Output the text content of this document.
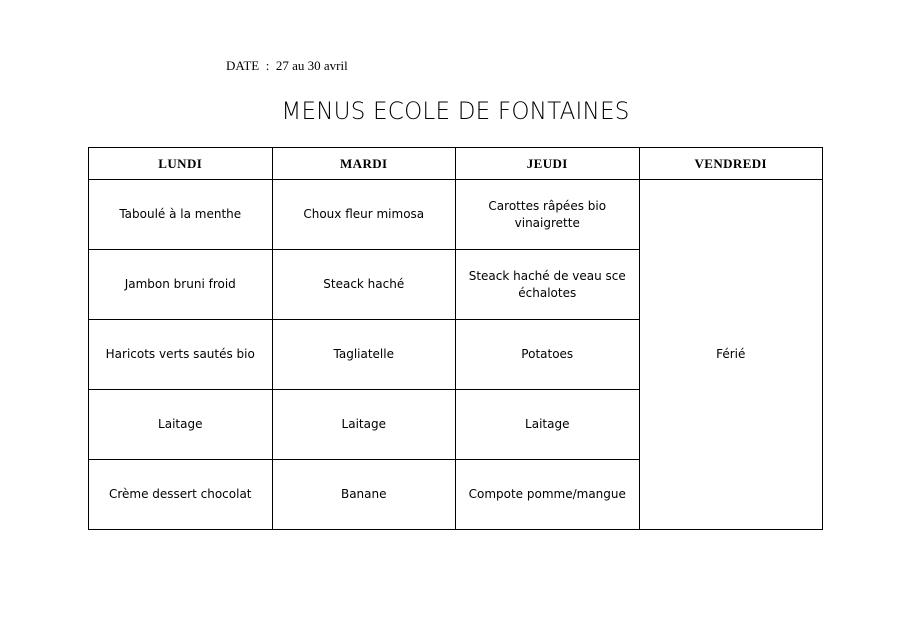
DATE : 27 au 30 avril
MENUS ECOLE DE FONTAINES
LUNDI	MARDI	JEUDI	VENDREDI
Taboulé à la menthe	Choux fleur mimosa	Carottes râpées bio vinaigrette	Férié
Jambon bruni froid	Steack haché	Steack haché de veau sce échalotes	
Haricots verts sautés bio	Tagliatelle	Potatoes	
Laitage	Laitage	Laitage	
Crème dessert chocolat	Banane	Compote pomme/mangue	
